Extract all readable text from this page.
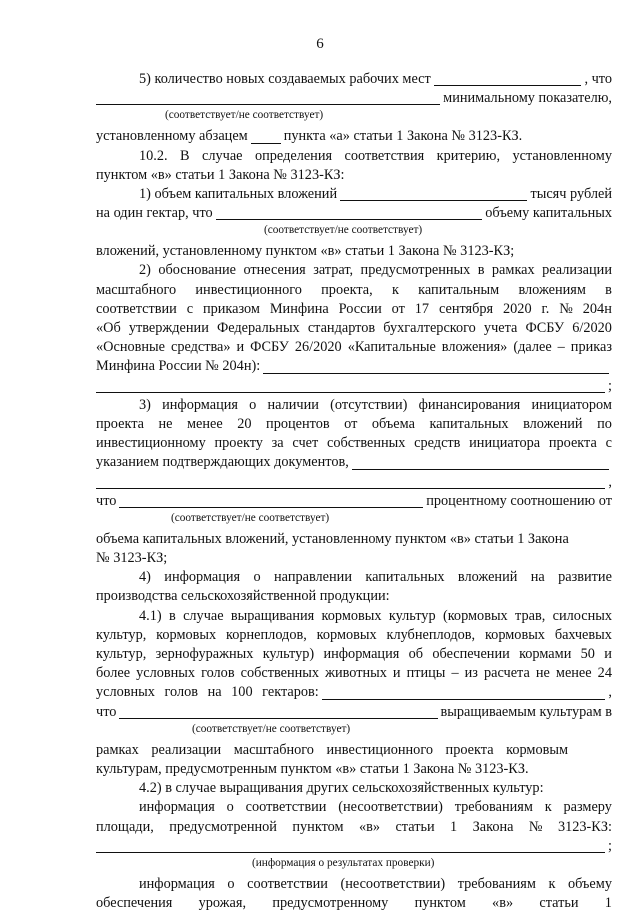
6
5) количество новых создаваемых рабочих мест	, что
минимальному показателю,
(соответствует/не соответствует)
установленному абзацем	пункта «а» статьи 1 Закона № 3123-КЗ.
10.2. В случае определения соответствия критерию, установленному
пунктом «в» статьи 1 Закона № 3123-КЗ:
1) объем капитальных вложений	тысяч рублей
на один гектар, что	объему капитальных
(соответствует/не соответствует)
вложений, установленному пунктом «в» статьи 1 Закона № 3123-КЗ;
2) обоснование отнесения затрат, предусмотренных в рамках реализации
масштабного инвестиционного проекта, к капитальным вложениям в
соответствии с приказом Минфина России от 17 сентября 2020 г. № 204н
«Об утверждении Федеральных стандартов бухгалтерского учета ФСБУ 6/2020
«Основные средства» и ФСБУ 26/2020 «Капитальные вложения» (далее – приказ
Минфина России № 204н):
;
3) информация о наличии (отсутствии) финансирования инициатором
проекта не менее 20 процентов от объема капитальных вложений по
инвестиционному проекту за счет собственных средств инициатора проекта с
указанием подтверждающих документов,
,
что	процентному соотношению от
(соответствует/не соответствует)
объема капитальных вложений, установленному пунктом «в» статьи 1 Закона
№ 3123-КЗ;
4) информация о направлении капитальных вложений на развитие
производства сельскохозяйственной продукции:
4.1) в случае выращивания кормовых культур (кормовых трав, силосных
культур, кормовых корнеплодов, кормовых клубнеплодов, кормовых бахчевых
культур, зернофуражных культур) информация об обеспечении кормами 50 и
более условных голов собственных животных и птицы – из расчета не менее 24
условных голов на 100 гектаров:	,
что	выращиваемым культурам в
(соответствует/не соответствует)
рамках реализации масштабного инвестиционного проекта кормовым
культурам, предусмотренным пунктом «в» статьи 1 Закона № 3123-КЗ.
4.2) в случае выращивания других сельскохозяйственных культур:
информация о соответствии (несоответствии) требованиям к размеру
площади, предусмотренной пунктом «в» статьи 1 Закона № 3123-КЗ:
;
(информация о результатах проверки)
информация о соответствии (несоответствии) требованиям к объему
обеспечения урожая, предусмотренному пунктом «в» статьи 1
